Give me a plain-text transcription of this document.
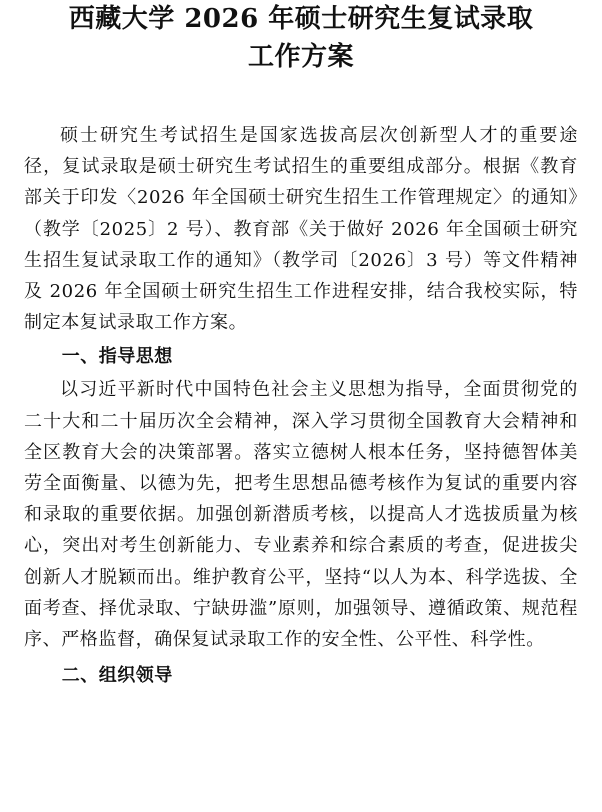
西藏大学 2026 年硕士研究生复试录取
工作方案

硕士研究生考试招生是国家选拔高层次创新型人才的重要途径，复试录取是硕士研究生考试招生的重要组成部分。根据《教育部关于印发〈2026 年全国硕士研究生招生工作管理规定〉的通知》（教学〔2025〕2 号）、教育部《关于做好 2026 年全国硕士研究生招生复试录取工作的通知》（教学司〔2026〕3 号）等文件精神及 2026 年全国硕士研究生招生工作进程安排，结合我校实际，特制定本复试录取工作方案。

一、指导思想

以习近平新时代中国特色社会主义思想为指导，全面贯彻党的二十大和二十届历次全会精神，深入学习贯彻全国教育大会精神和全区教育大会的决策部署。落实立德树人根本任务，坚持德智体美劳全面衡量、以德为先，把考生思想品德考核作为复试的重要内容和录取的重要依据。加强创新潜质考核，以提高人才选拔质量为核心，突出对考生创新能力、专业素养和综合素质的考查，促进拔尖创新人才脱颖而出。维护教育公平，坚持“以人为本、科学选拔、全面考查、择优录取、宁缺毋滥”原则，加强领导、遵循政策、规范程序、严格监督，确保复试录取工作的安全性、公平性、科学性。

二、组织领导
